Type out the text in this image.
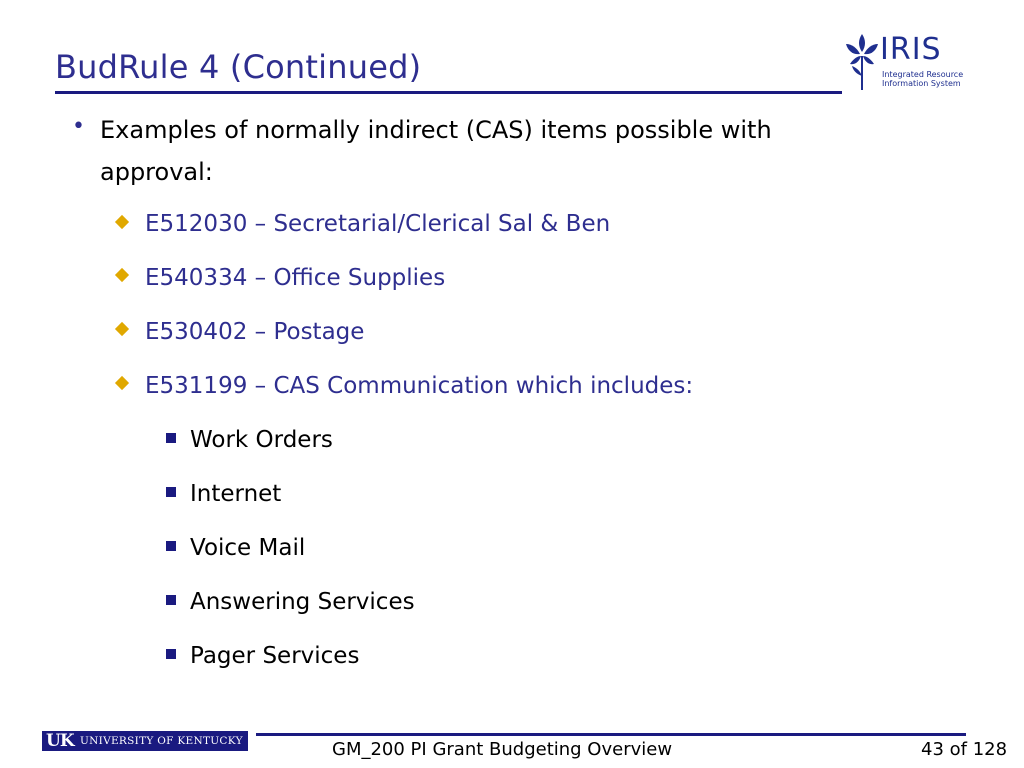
BudRule 4 (Continued)	IRIS
Integrated Resource
Information System
• Examples of normally indirect (CAS) items possible with
approval:
E512030 – Secretarial/Clerical Sal & Ben
E540334 – Office Supplies
E530402 – Postage
E531199 – CAS Communication which includes:
Work Orders
Internet
Voice Mail
Answering Services
Pager Services
UK UNIVERSITY OF KENTUCKY	GM_200 PI Grant Budgeting Overview	43 of 128
